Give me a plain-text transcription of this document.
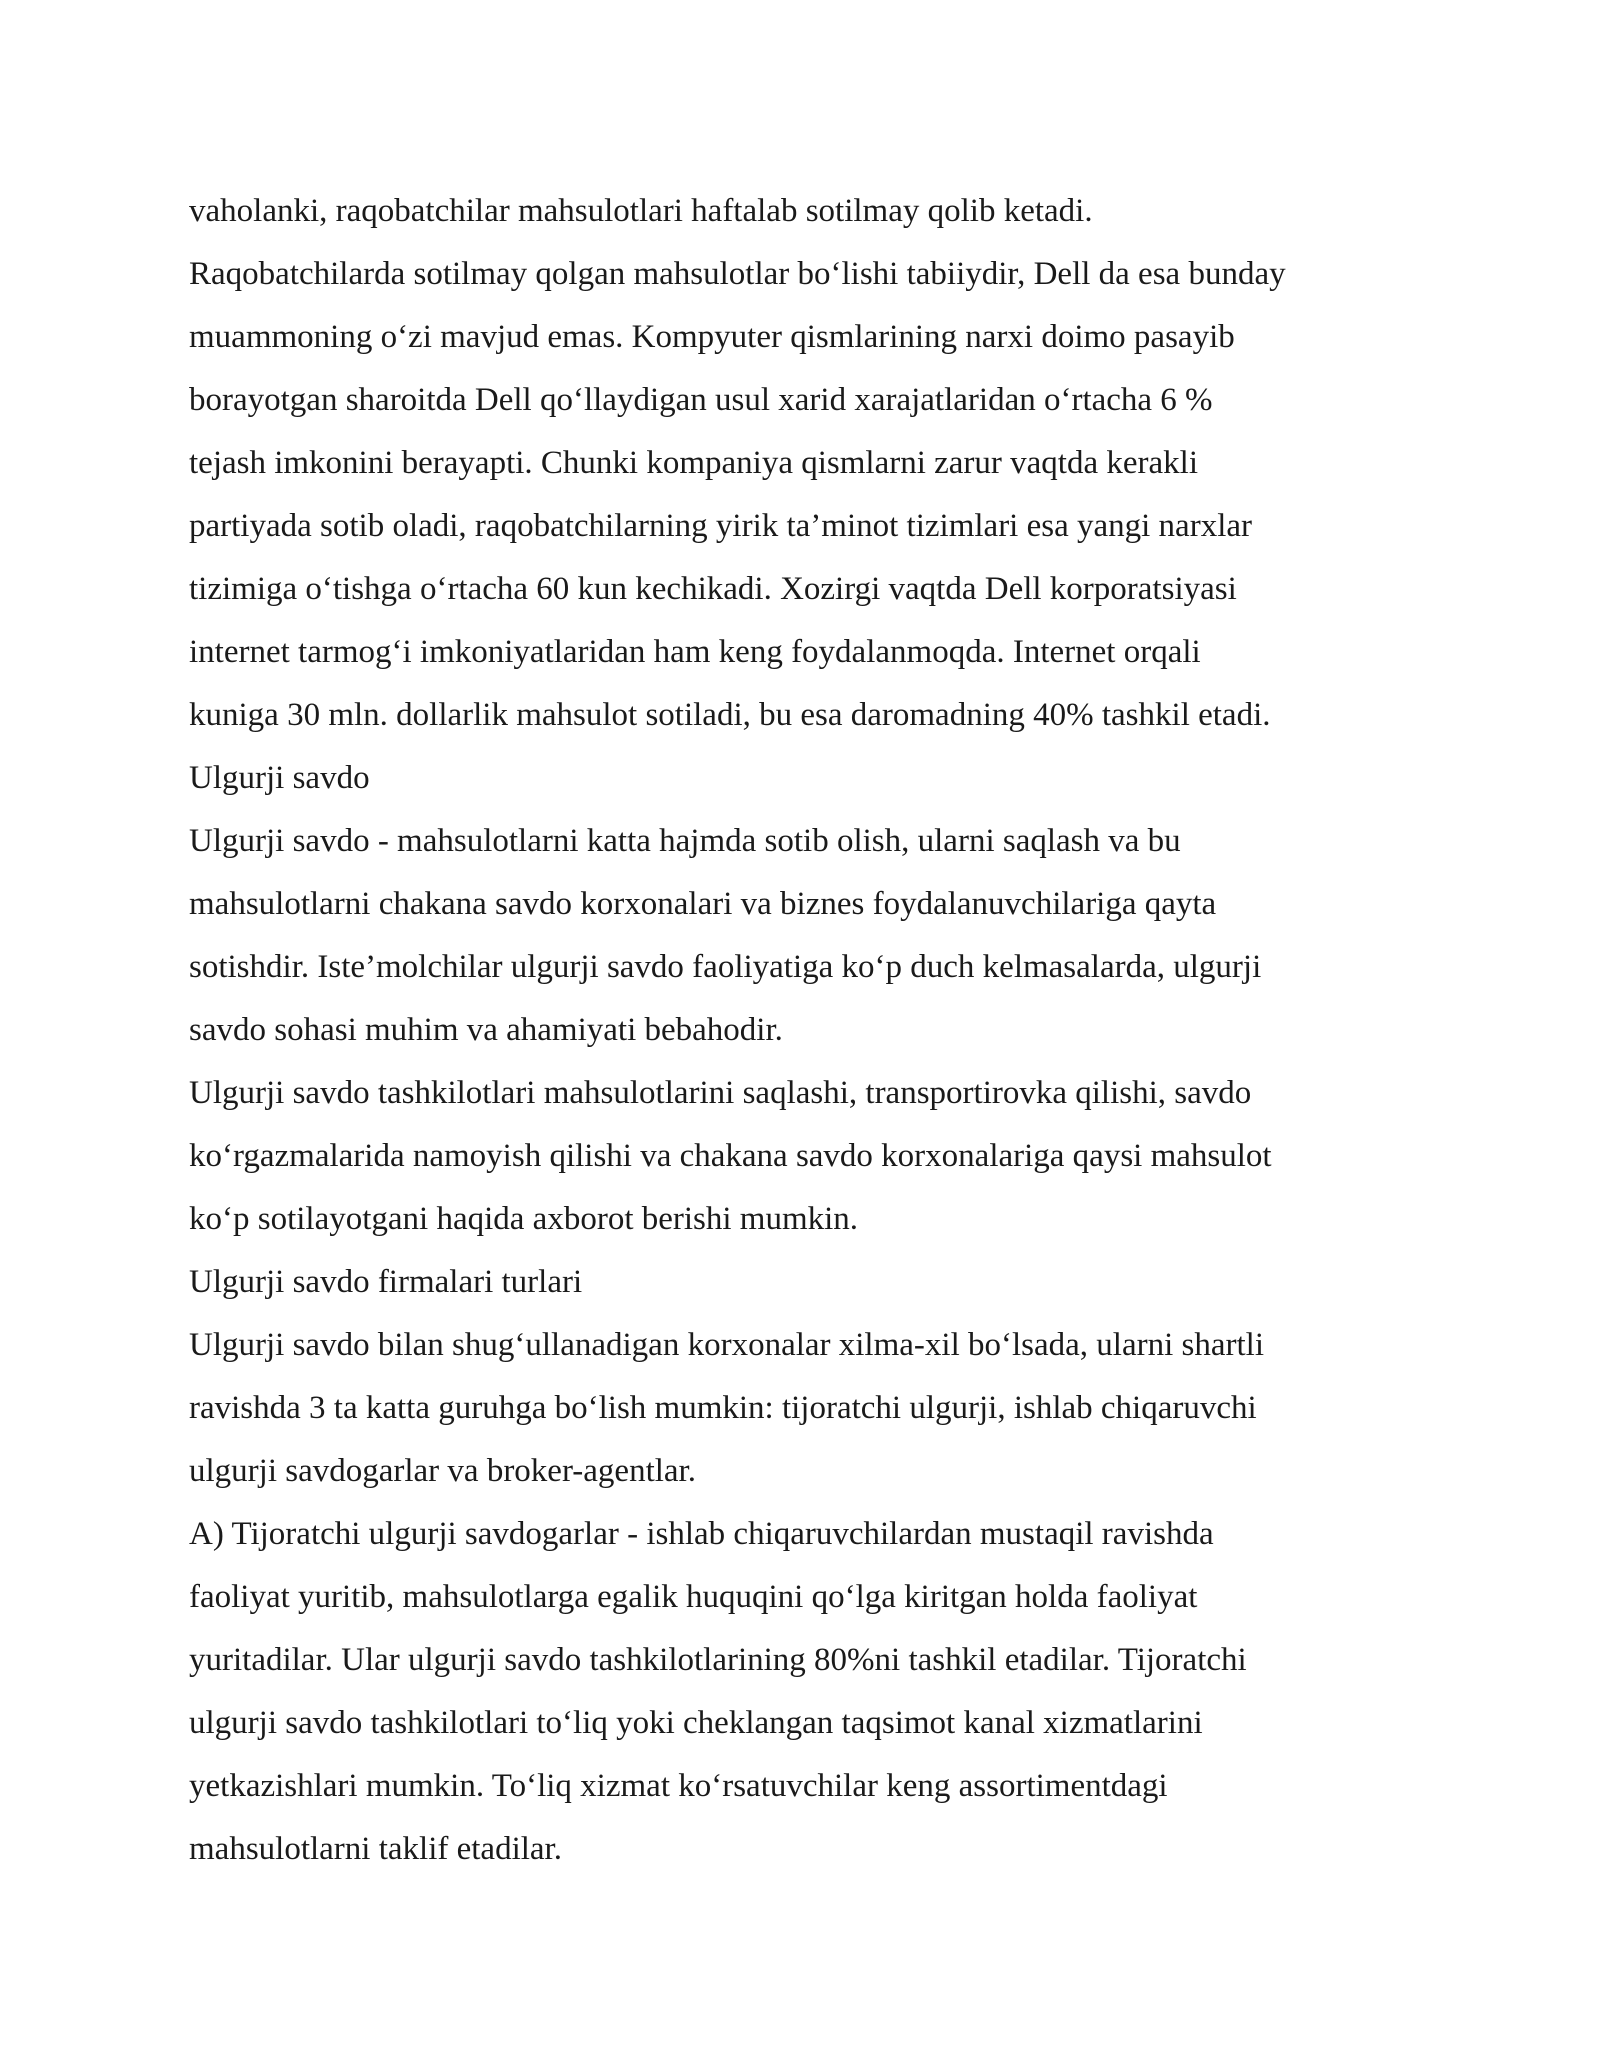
vaholanki, raqobatchilar mahsulotlari haftalab sotilmay qolib ketadi.

Raqobatchilarda sotilmay qolgan mahsulotlar bo‘lishi tabiiydir, Dell da esa bunday

muammoning o‘zi mavjud emas. Kompyuter qismlarining narxi doimo pasayib

borayotgan sharoitda Dell qo‘llaydigan usul xarid xarajatlaridan o‘rtacha 6 %

tejash imkonini berayapti. Chunki kompaniya qismlarni zarur vaqtda kerakli

partiyada sotib oladi, raqobatchilarning yirik ta’minot tizimlari esa yangi narxlar

tizimiga o‘tishga o‘rtacha 60 kun kechikadi. Xozirgi vaqtda Dell korporatsiyasi

internet tarmog‘i imkoniyatlaridan ham keng foydalanmoqda. Internet orqali

kuniga 30 mln. dollarlik mahsulot sotiladi, bu esa daromadning 40% tashkil etadi.

Ulgurji savdo

Ulgurji savdo - mahsulotlarni katta hajmda sotib olish, ularni saqlash va bu

mahsulotlarni chakana savdo korxonalari va biznes foydalanuvchilariga qayta

sotishdir. Iste’molchilar ulgurji savdo faoliyatiga ko‘p duch kelmasalarda, ulgurji

savdo sohasi muhim va ahamiyati bebahodir.

Ulgurji savdo tashkilotlari mahsulotlarini saqlashi, transportirovka qilishi, savdo

ko‘rgazmalarida namoyish qilishi va chakana savdo korxonalariga qaysi mahsulot

ko‘p sotilayotgani haqida axborot berishi mumkin.

Ulgurji savdo firmalari turlari

Ulgurji savdo bilan shug‘ullanadigan korxonalar xilma-xil bo‘lsada, ularni shartli

ravishda 3 ta katta guruhga bo‘lish mumkin: tijoratchi ulgurji, ishlab chiqaruvchi

ulgurji savdogarlar va broker-agentlar.

A) Tijoratchi ulgurji savdogarlar - ishlab chiqaruvchilardan mustaqil ravishda

faoliyat yuritib, mahsulotlarga egalik huquqini qo‘lga kiritgan holda faoliyat

yuritadilar. Ular ulgurji savdo tashkilotlarining 80%ni tashkil etadilar. Tijoratchi

ulgurji savdo tashkilotlari to‘liq yoki cheklangan taqsimot kanal xizmatlarini

yetkazishlari mumkin. To‘liq xizmat ko‘rsatuvchilar keng assortimentdagi

mahsulotlarni taklif etadilar.
